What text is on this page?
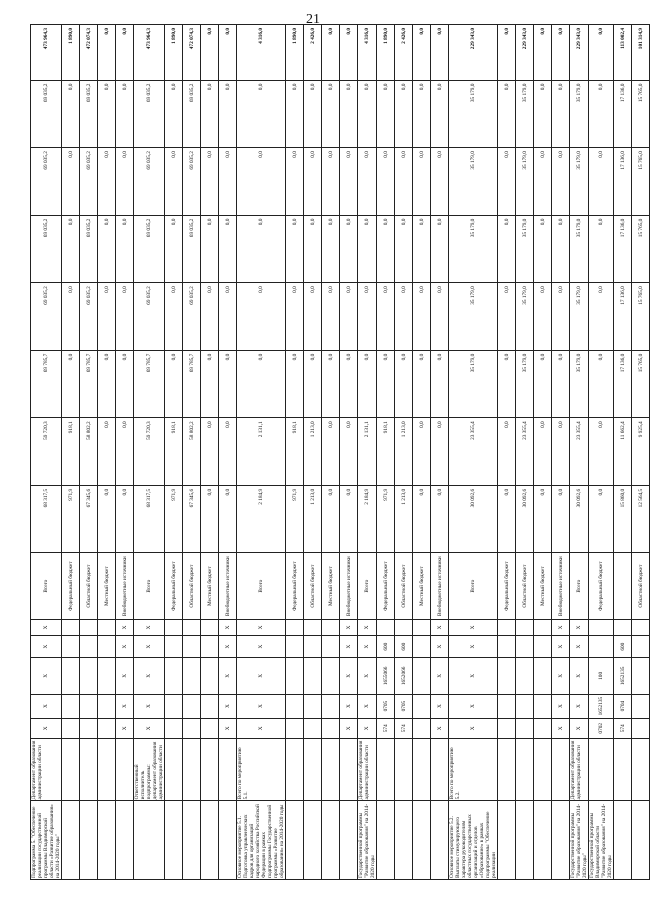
21
Подпрограмма 5. "Обеспечение реализации государственной программы Владимирской области «Развитие образования» на 2014-2020 годы"	Департамент образования администрации области	X	X	X	X	X	Всего	68 317,5	59 720,3	69 785,7	69 035,2	69 035,2	69 035,2	69 035,2	473 964,3
							Федеральный бюджет	971,9	918,1	0,0	0,0	0,0	0,0	0,0	1 890,0
							Областной бюджет	67 345,6	58 802,2	69 785,7	69 035,2	69 035,2	69 035,2	69 035,2	472 074,3
							Местный бюджет	0,0	0,0	0,0	0,0	0,0	0,0	0,0	0,0
		X	X	X	X	X	Внебюджетные источники	0,0	0,0	0,0	0,0	0,0	0,0	0,0	0,0
	Ответственный исполнитель подпрограммы: департамент образования администрации области	X	X	X	X	X	Всего	68 317,5	59 720,3	69 785,7	69 035,2	69 035,2	69 035,2	69 035,2	473 964,3
							Федеральный бюджет	971,9	918,1	0,0	0,0	0,0	0,0	0,0	1 890,0
							Областной бюджет	67 345,6	58 802,2	69 785,7	69 035,2	69 035,2	69 035,2	69 035,2	472 074,3
							Местный бюджет	0,0	0,0	0,0	0,0	0,0	0,0	0,0	0,0
		X	X	X	X	X	Внебюджетные источники	0,0	0,0	0,0	0,0	0,0	0,0	0,0	0,0
Основное мероприятие 5.1. Подготовка управленческих кадров для организаций народного хозяйства Российской Федерации в рамках подпрограммы Государственной программы «Развитие образования» на 2014-2020 годы	Всего по мероприятию 5.1.	X	X	X	X	X	Всего	2 184,9	2 131,1	0,0	0,0	0,0	0,0	0,0	4 316,0
							Федеральный бюджет	971,9	918,1	0,0	0,0	0,0	0,0	0,0	1 890,0
							Областной бюджет	1 213,0	1 213,0	0,0	0,0	0,0	0,0	0,0	2 426,0
							Местный бюджет	0,0	0,0	0,0	0,0	0,0	0,0	0,0	0,0
		X	X	X	X	X	Внебюджетные источники	0,0	0,0	0,0	0,0	0,0	0,0	0,0	0,0
Государственной программы "Развитие образования" на 2014-2020 годы	Департамент образования администрации области	X	X	X	X	X	Всего	2 184,9	2 131,1	0,0	0,0	0,0	0,0	0,0	4 316,0
		574	0705	1655066	600		Федеральный бюджет	971,9	918,1	0,0	0,0	0,0	0,0	0,0	1 890,0
		574	0705	1652066	600		Областной бюджет	1 213,0	1 213,0	0,0	0,0	0,0	0,0	0,0	2 426,0
							Местный бюджет	0,0	0,0	0,0	0,0	0,0	0,0	0,0	0,0
		X	X	X	X	X	Внебюджетные источники	0,0	0,0	0,0	0,0	0,0	0,0	0,0	0,0
Основное мероприятие 5.2. Выплаты стимулирующего характера руководителям областных государственных организаций и отделов «Образование» в рамках подпрограммы "Обеспечение реализации	Всего по мероприятию 5.2.	X	X	X	X	X	Всего	30 092,6	23 355,4	35 179,0	35 179,0	35 179,0	35 179,0	35 179,0	229 343,0
							Федеральный бюджет	0,0	0,0	0,0	0,0	0,0	0,0	0,0	0,0
							Областной бюджет	30 092,6	23 355,4	35 179,0	35 179,0	35 179,0	35 179,0	35 179,0	229 343,0
							Местный бюджет	0,0	0,0	0,0	0,0	0,0	0,0	0,0	0,0
		X	X	X	X	X	Внебюджетные источники	0,0	0,0	0,0	0,0	0,0	0,0	0,0	0,0
Государственной программы "Развитие образования" на 2014-2020 годы"	Департамент образования администрации области	X	X	X	X	X	Всего	30 092,6	23 355,4	35 179,0	35 179,0	35 179,0	35 179,0	35 179,0	229 343,0
Государственной программы Владимирской области "Развитие образования" на 2014-2020 годы		0702	1652135	100			Федеральный бюджет	0,0	0,0	0,0	0,0	0,0	0,0	0,0	0,0
		574	0704	1652135	600			15 860,0	11 662,4	17 136,0	17 136,0	17 136,0	17 136,0	17 136,0	113 002,4
							Областной бюджет	12 564,5	9 925,4	15 765,0	15 765,0	15 765,0	15 765,0	15 765,0	101 314,9
